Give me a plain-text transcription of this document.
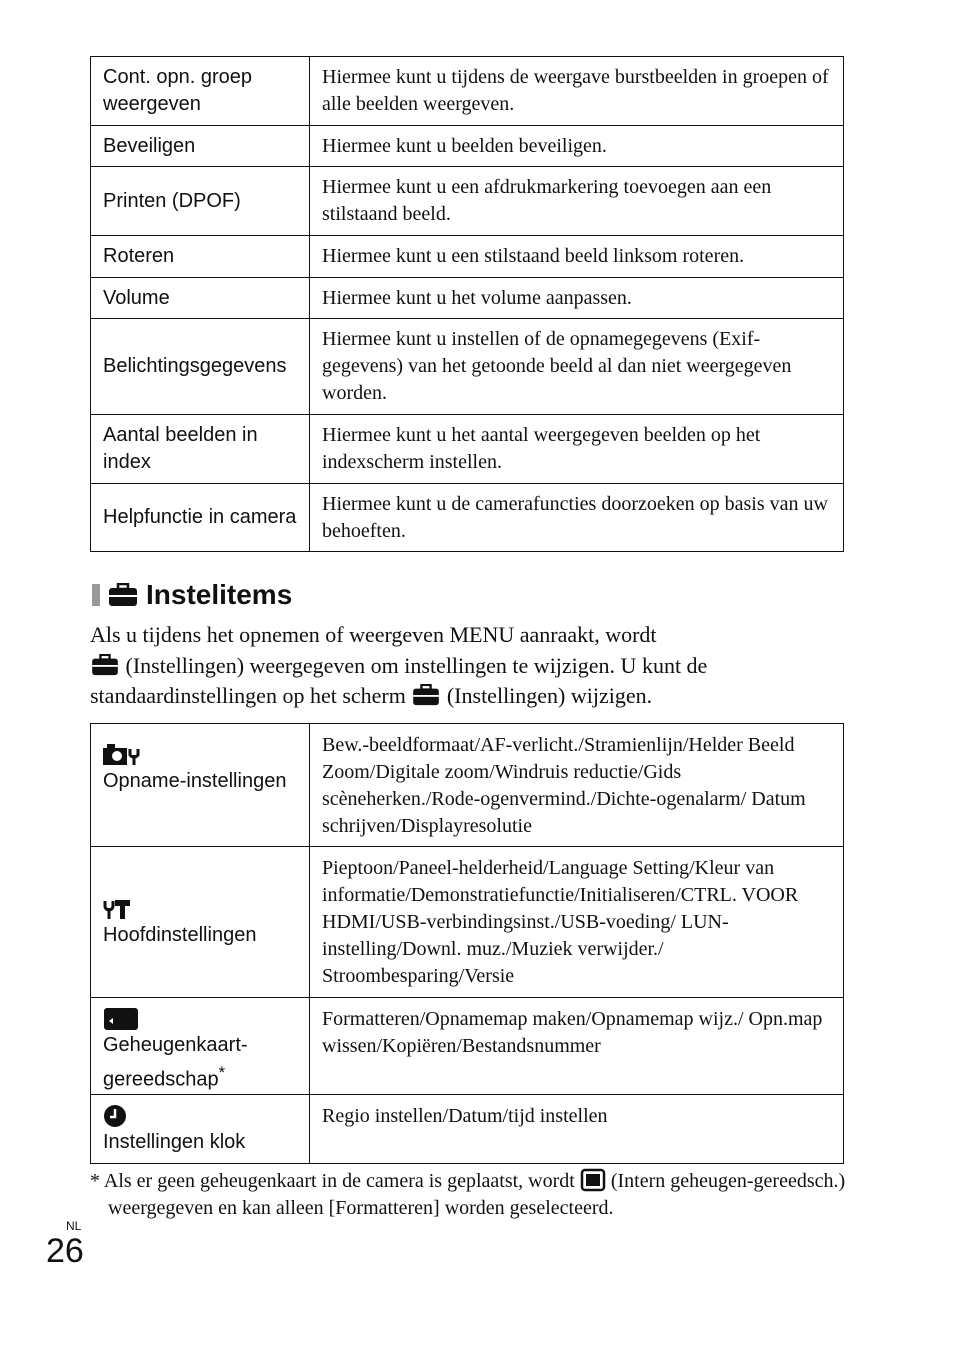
Cont. opn. groep weergeven	Hiermee kunt u tijdens de weergave burstbeelden in groepen of alle beelden weergeven.
Beveiligen	Hiermee kunt u beelden beveiligen.
Printen (DPOF)	Hiermee kunt u een afdrukmarkering toevoegen aan een stilstaand beeld.
Roteren	Hiermee kunt u een stilstaand beeld linksom roteren.
Volume	Hiermee kunt u het volume aanpassen.
Belichtingsgegevens	Hiermee kunt u instellen of de opnamegegevens (Exif-gegevens) van het getoonde beeld al dan niet weergegeven worden.
Aantal beelden in index	Hiermee kunt u het aantal weergegeven beelden op het indexscherm instellen.
Helpfunctie in camera	Hiermee kunt u de camerafuncties doorzoeken op basis van uw behoeften.
Instelitems
Als u tijdens het opnemen of weergeven MENU aanraakt, wordt
(Instellingen) weergegeven om instellingen te wijzigen. U kunt de standaardinstellingen op het scherm (Instellingen) wijzigen.
Opname-instellingen	Bew.-beeldformaat/AF-verlicht./Stramienlijn/Helder Beeld Zoom/Digitale zoom/Windruis reductie/Gids scèneherken./Rode-ogenvermind./Dichte-ogenalarm/ Datum schrijven/Displayresolutie

Hoofdinstellingen	Pieptoon/Paneel-helderheid/Language Setting/Kleur van informatie/Demonstratiefunctie/Initialiseren/CTRL. VOOR HDMI/USB-verbindingsinst./USB-voeding/ LUN-instelling/Downl. muz./Muziek verwijder./ Stroombesparing/Versie

Geheugenkaart-gereedschap*	Formatteren/Opnamemap maken/Opnamemap wijz./ Opn.map wissen/Kopiëren/Bestandsnummer

Instellingen klok	Regio instellen/Datum/tijd instellen
* Als er geen geheugenkaart in de camera is geplaatst, wordt (Intern geheugen-gereedsch.) weergegeven en kan alleen [Formatteren] worden geselecteerd.
NL
26
